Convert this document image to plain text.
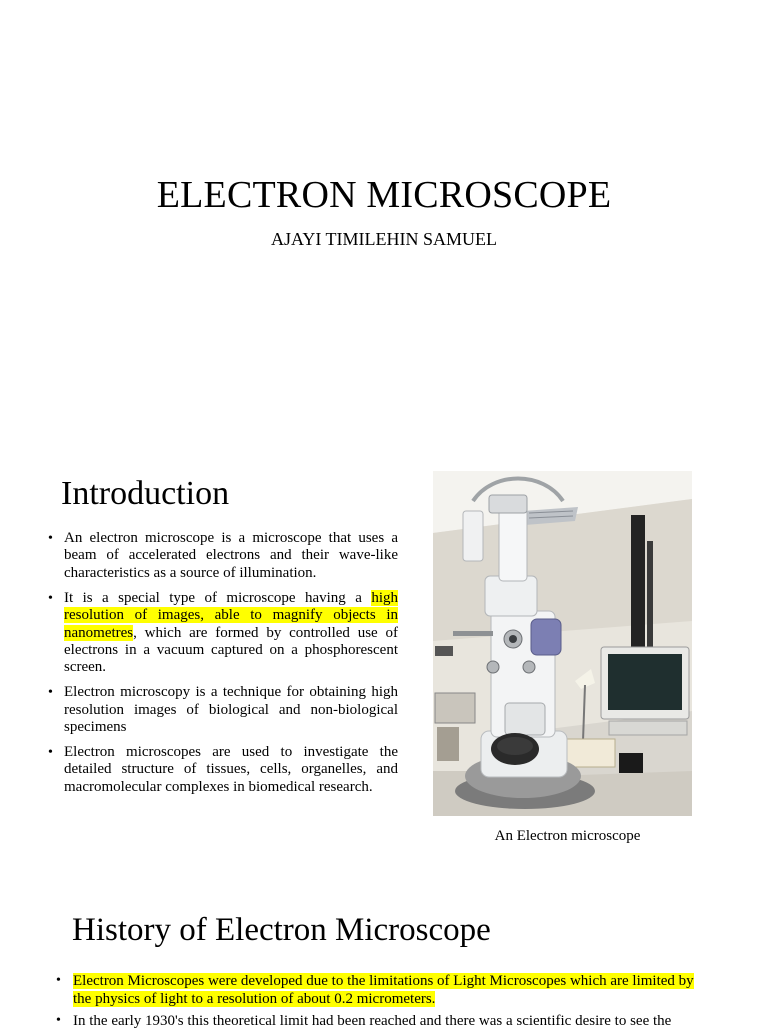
ELECTRON MICROSCOPE
AJAYI TIMILEHIN SAMUEL
Introduction
• An electron microscope is a microscope that uses a beam of accelerated electrons and their wave-like characteristics as a source of illumination.
• It is a special type of microscope having a high resolution of images, able to magnify objects in nanometres, which are formed by controlled use of electrons in a vacuum captured on a phosphorescent screen.
• Electron microscopy is a technique for obtaining high resolution images of biological and non-biological specimens
• Electron microscopes are used to investigate the detailed structure of tissues, cells, organelles, and macromolecular complexes in biomedical research.
An Electron microscope
History of Electron Microscope
• Electron Microscopes were developed due to the limitations of Light Microscopes which are limited by the physics of light to a resolution of about 0.2 micrometers.
• In the early 1930's this theoretical limit had been reached and there was a scientific desire to see the
